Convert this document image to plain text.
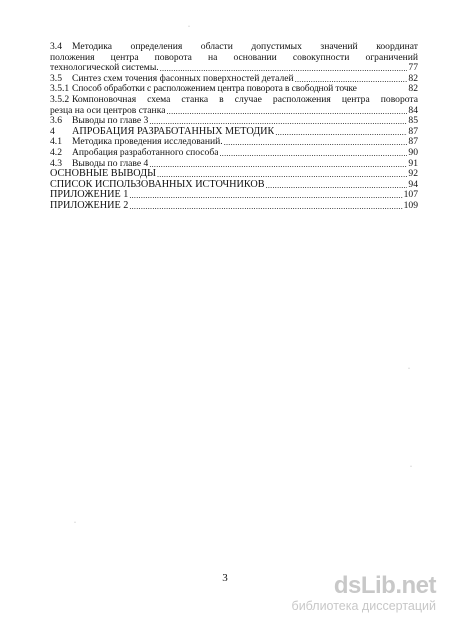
·
·
·
·
3.4	Методика определения области допустимых значений координат
положения центра поворота на основании совокупности ограничений
технологической системы. .....	77
3.5	Синтез схем точения фасонных поверхностей деталей .....	82
3.5.1 Способ обработки с расположением центра поворота в свободной точке	82
3.5.2 Компоновочная схема станка в случае расположения центра поворота
резца на оси центров станка .....	84
3.6	Выводы по главе 3 .....	85
4	АПРОБАЦИЯ РАЗРАБОТАННЫХ МЕТОДИК .....	87
4.1	Методика проведения исследований. .....	87
4.2	Апробация разработанного способа .....	90
4.3	Выводы по главе 4 .....	91
ОСНОВНЫЕ ВЫВОДЫ .....	92
СПИСОК ИСПОЛЬЗОВАННЫХ ИСТОЧНИКОВ .....	94
ПРИЛОЖЕНИЕ 1 .....	107
ПРИЛОЖЕНИЕ 2 .....	109
3	dsLib.net
библиотека диссертаций
